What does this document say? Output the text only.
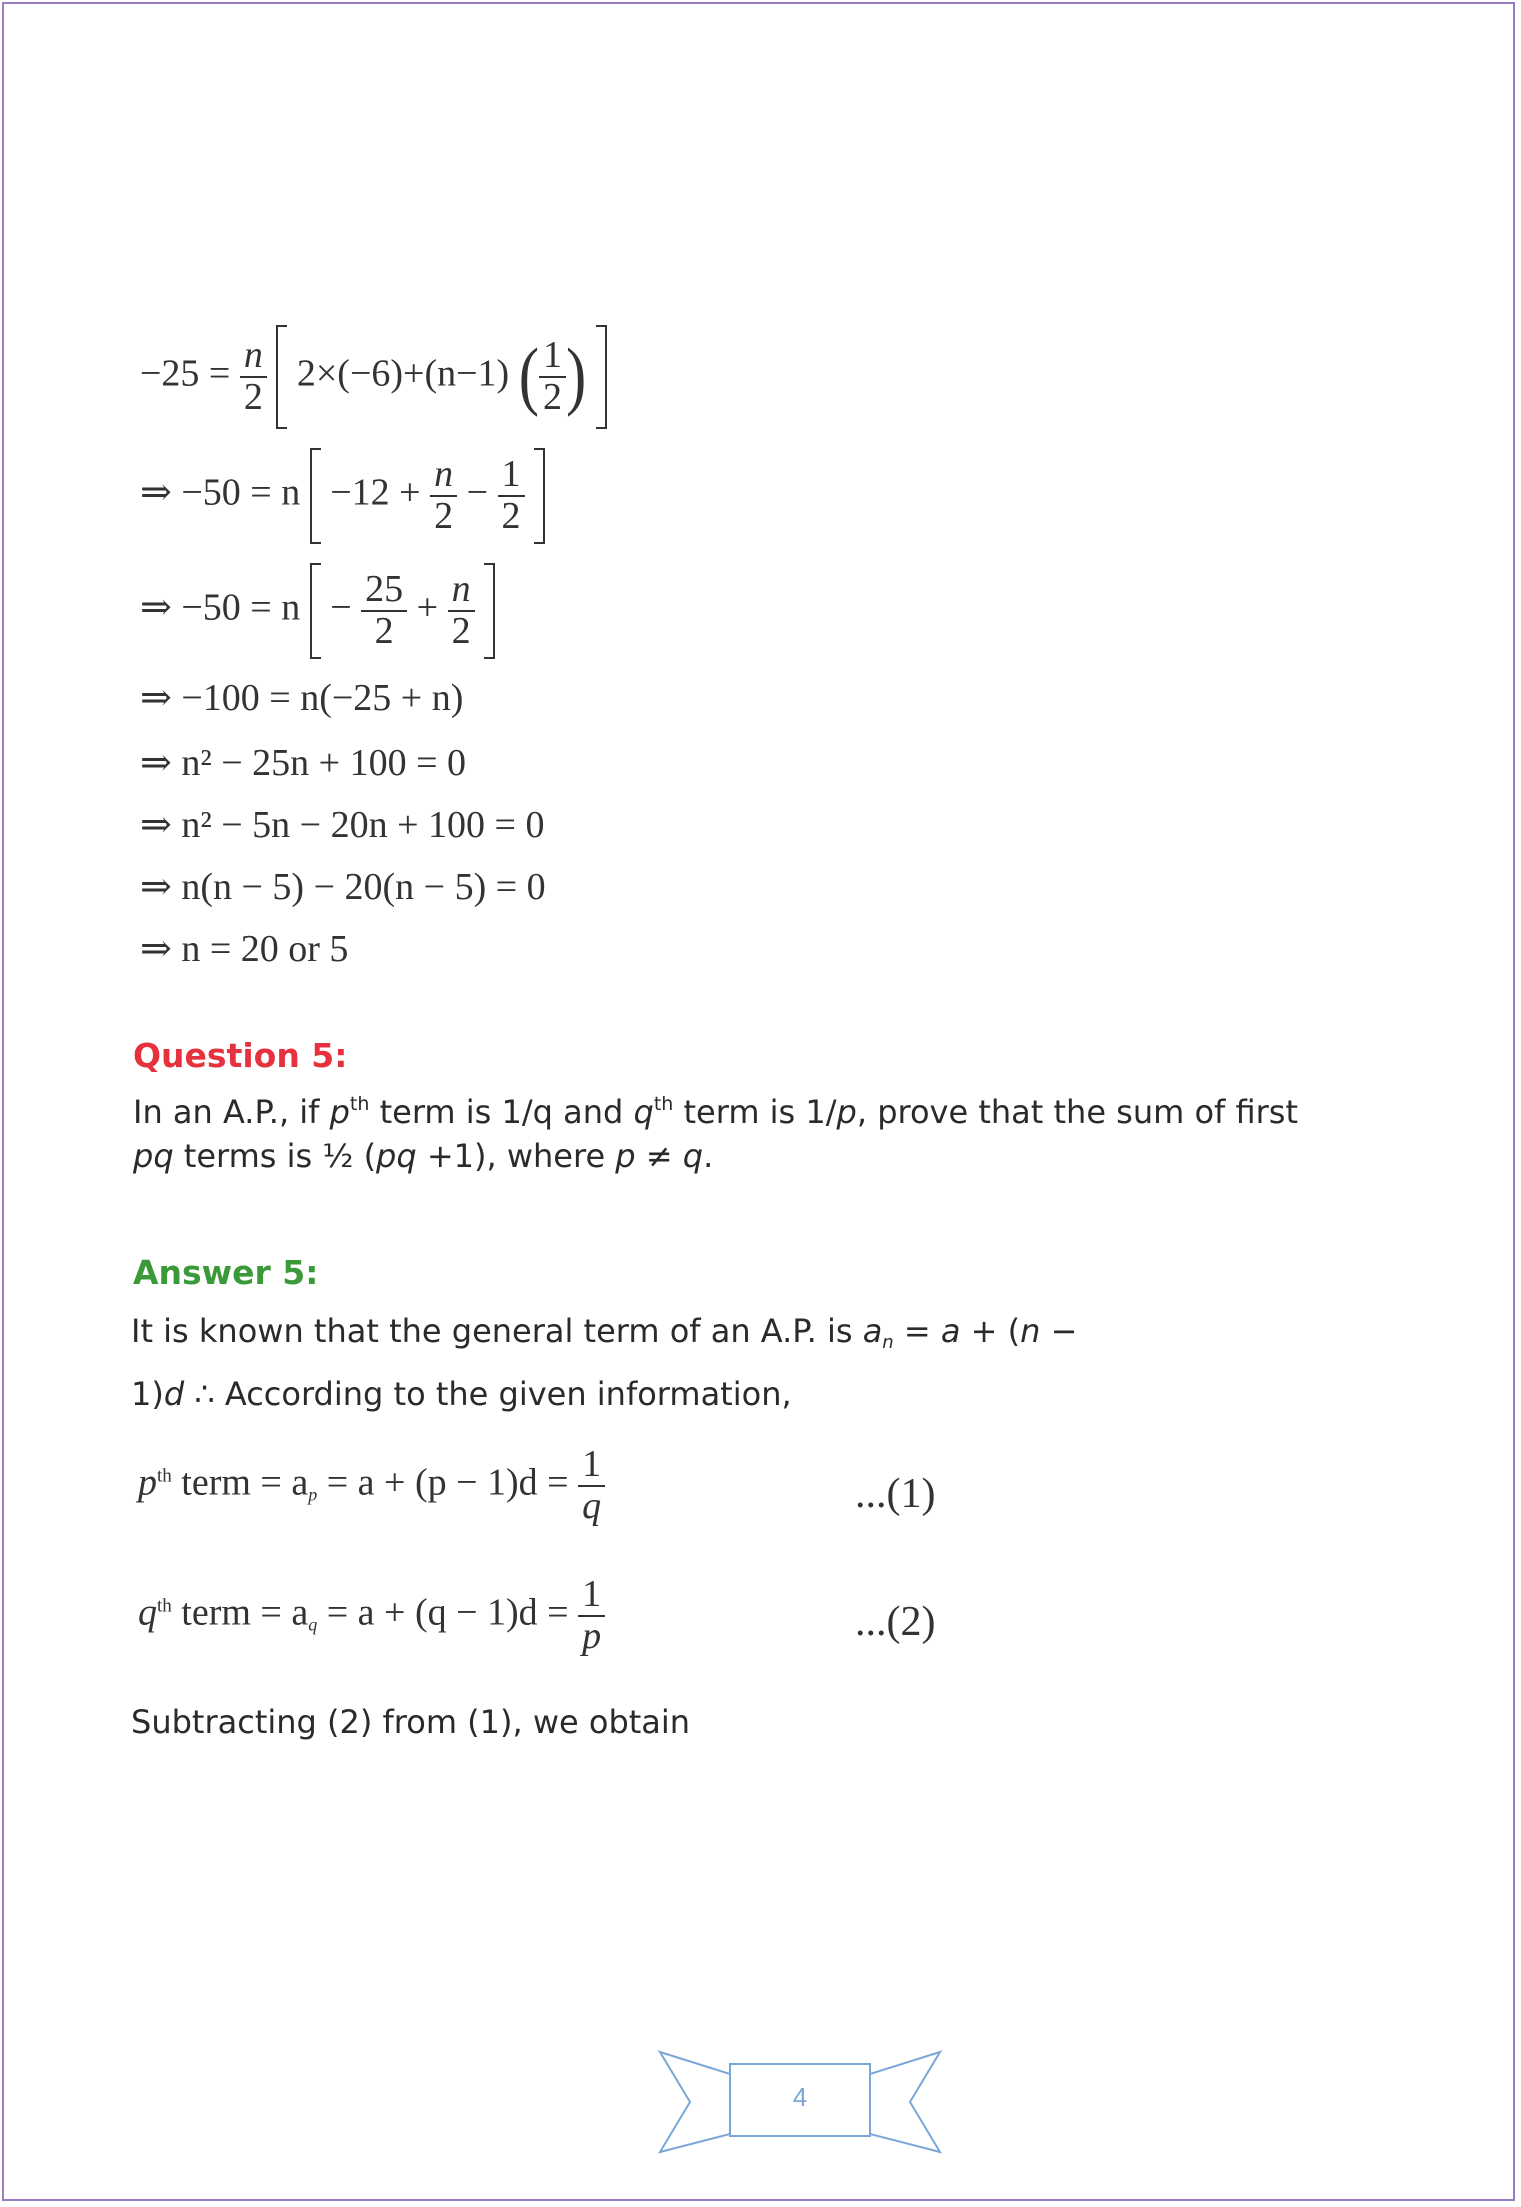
$-25 = \frac{n}{2} 2\times(-6)+(n-1)$ ( $\frac{1}{2}$ )
⇒ $-50 = n -12 + \frac{n}{2} - \frac{1}{2}$

⇒ $-50 = n - \frac{25}{2} + \frac{n}{2}$

⇒ −100 = n(−25 + n)
⇒ n² − 25n + 100 = 0
⇒ n² − 5n − 20n + 100 = 0
⇒ n(n − 5) − 20(n − 5) = 0
⇒ n = 20 or 5
Question 5:
In an A.P., if $p^{th}$ term is 1/q and $q^{th}$ term is 1/p, prove that the sum of first
pq terms is ½ (pq +1), where p ≠ q.
Answer 5:
It is known that the general term of an A.P. is $a_n = a + (n$ −
1)d ∴ According to the given information,
$p^{th}$ term = $a_p = a + (p - 1)d = \frac{1}{q}$	...(1)
$q^{th}$ term = $a_q = a + (q - 1)d = \frac{1}{p}$	...(2)
Subtracting (2) from (1), we obtain
4
